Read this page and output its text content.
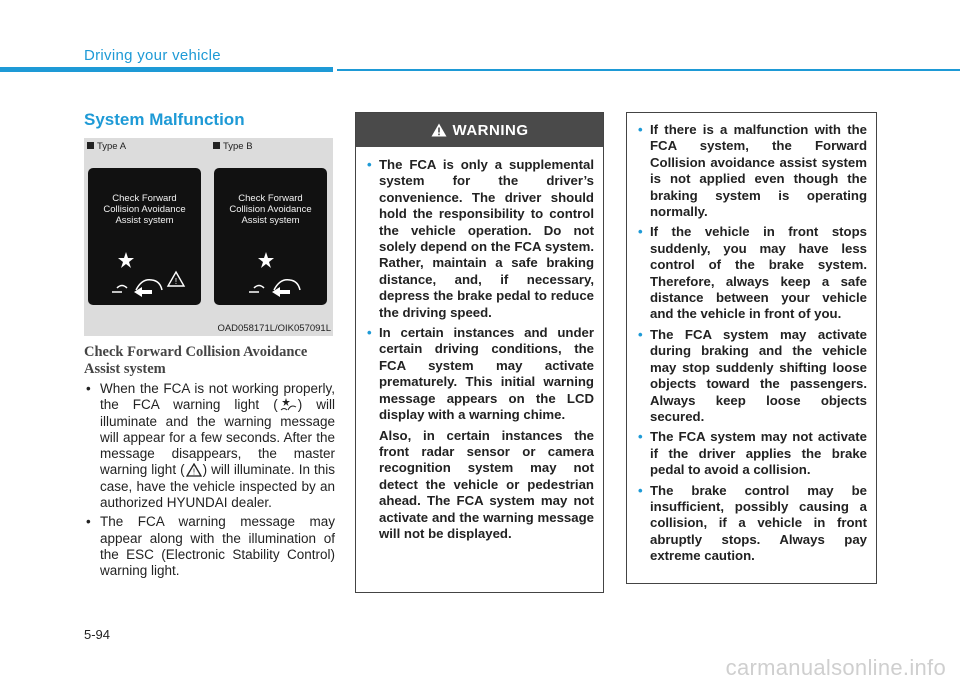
Driving your vehicle
System Malfunction
Type A	Type B
Check Forward
Collision Avoidance
Assist system
!
Check Forward
Collision Avoidance
Assist system
OAD058171L/OIK057091L
Check Forward Collision Avoidance Assist system
• When the FCA is not working properly, the FCA warning light ( ) will illuminate and the warning message will appear for a few seconds. After the message disappears, the master warning light ( ! ) will illuminate. In this case, have the vehicle inspected by an authorized HYUNDAI dealer.
• The FCA warning message may appear along with the illumination of the ESC (Electronic Stability Control) warning light.
WARNING
• The FCA is only a supplemental system for the driver’s convenience. The driver should hold the responsibility to control the vehicle operation. Do not solely depend on the FCA system. Rather, maintain a safe braking distance, and, if necessary, depress the brake pedal to reduce the driving speed.
• In certain instances and under certain driving conditions, the FCA system may activate prematurely. This initial warning message appears on the LCD display with a warning chime.

Also, in certain instances the front radar sensor or camera recognition system may not detect the vehicle or pedestrian ahead. The FCA system may not activate and the warning message will not be displayed.

• If there is a malfunction with the FCA system, the Forward Collision avoidance assist system is not applied even though the braking system is operating normally.
• If the vehicle in front stops suddenly, you may have less control of the brake system. Therefore, always keep a safe distance between your vehicle and the vehicle in front of you.
• The FCA system may activate during braking and the vehicle may stop suddenly shifting loose objects toward the passengers. Always keep loose objects secured.
• The FCA system may not activate if the driver applies the brake pedal to avoid a collision.
• The brake control may be insufficient, possibly causing a collision, if a vehicle in front abruptly stops. Always pay extreme caution.
5-94
carmanualsonline.info
